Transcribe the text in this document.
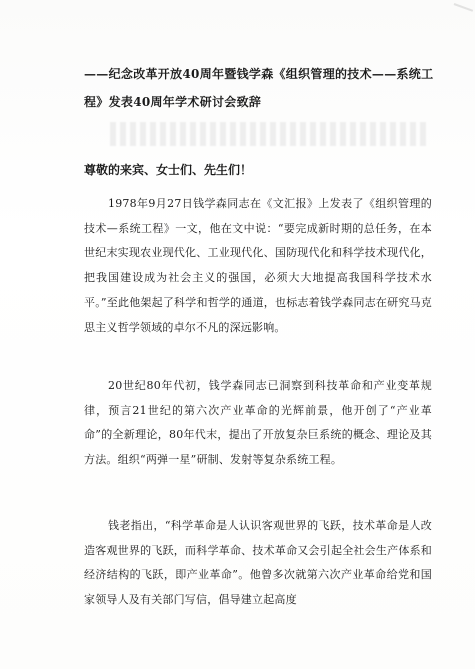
——纪念改革开放40周年暨钱学森《组织管理的技术——系统工程》发表40周年学术研讨会致辞
尊敬的来宾、女士们、先生们！

1978年9月27日钱学森同志在《文汇报》上发表了《组织管理的技术—系统工程》一文，他在文中说：“要完成新时期的总任务，在本世纪末实现农业现代化、工业现代化、国防现代化和科学技术现代化，把我国建设成为社会主义的强国，必须大大地提高我国科学技术水平。”至此他架起了科学和哲学的通道，也标志着钱学森同志在研究马克思主义哲学领域的卓尔不凡的深远影响。

20世纪80年代初，钱学森同志已洞察到科技革命和产业变革规律，预言21世纪的第六次产业革命的光辉前景，他开创了“产业革命”的全新理论，80年代末，提出了开放复杂巨系统的概念、理论及其方法。组织“两弹一星”研制、发射等复杂系统工程。

钱老指出，“科学革命是人认识客观世界的飞跃，技术革命是人改造客观世界的飞跃，而科学革命、技术革命又会引起全社会生产体系和经济结构的飞跃，即产业革命”。他曾多次就第六次产业革命给党和国家领导人及有关部门写信，倡导建立起高度
